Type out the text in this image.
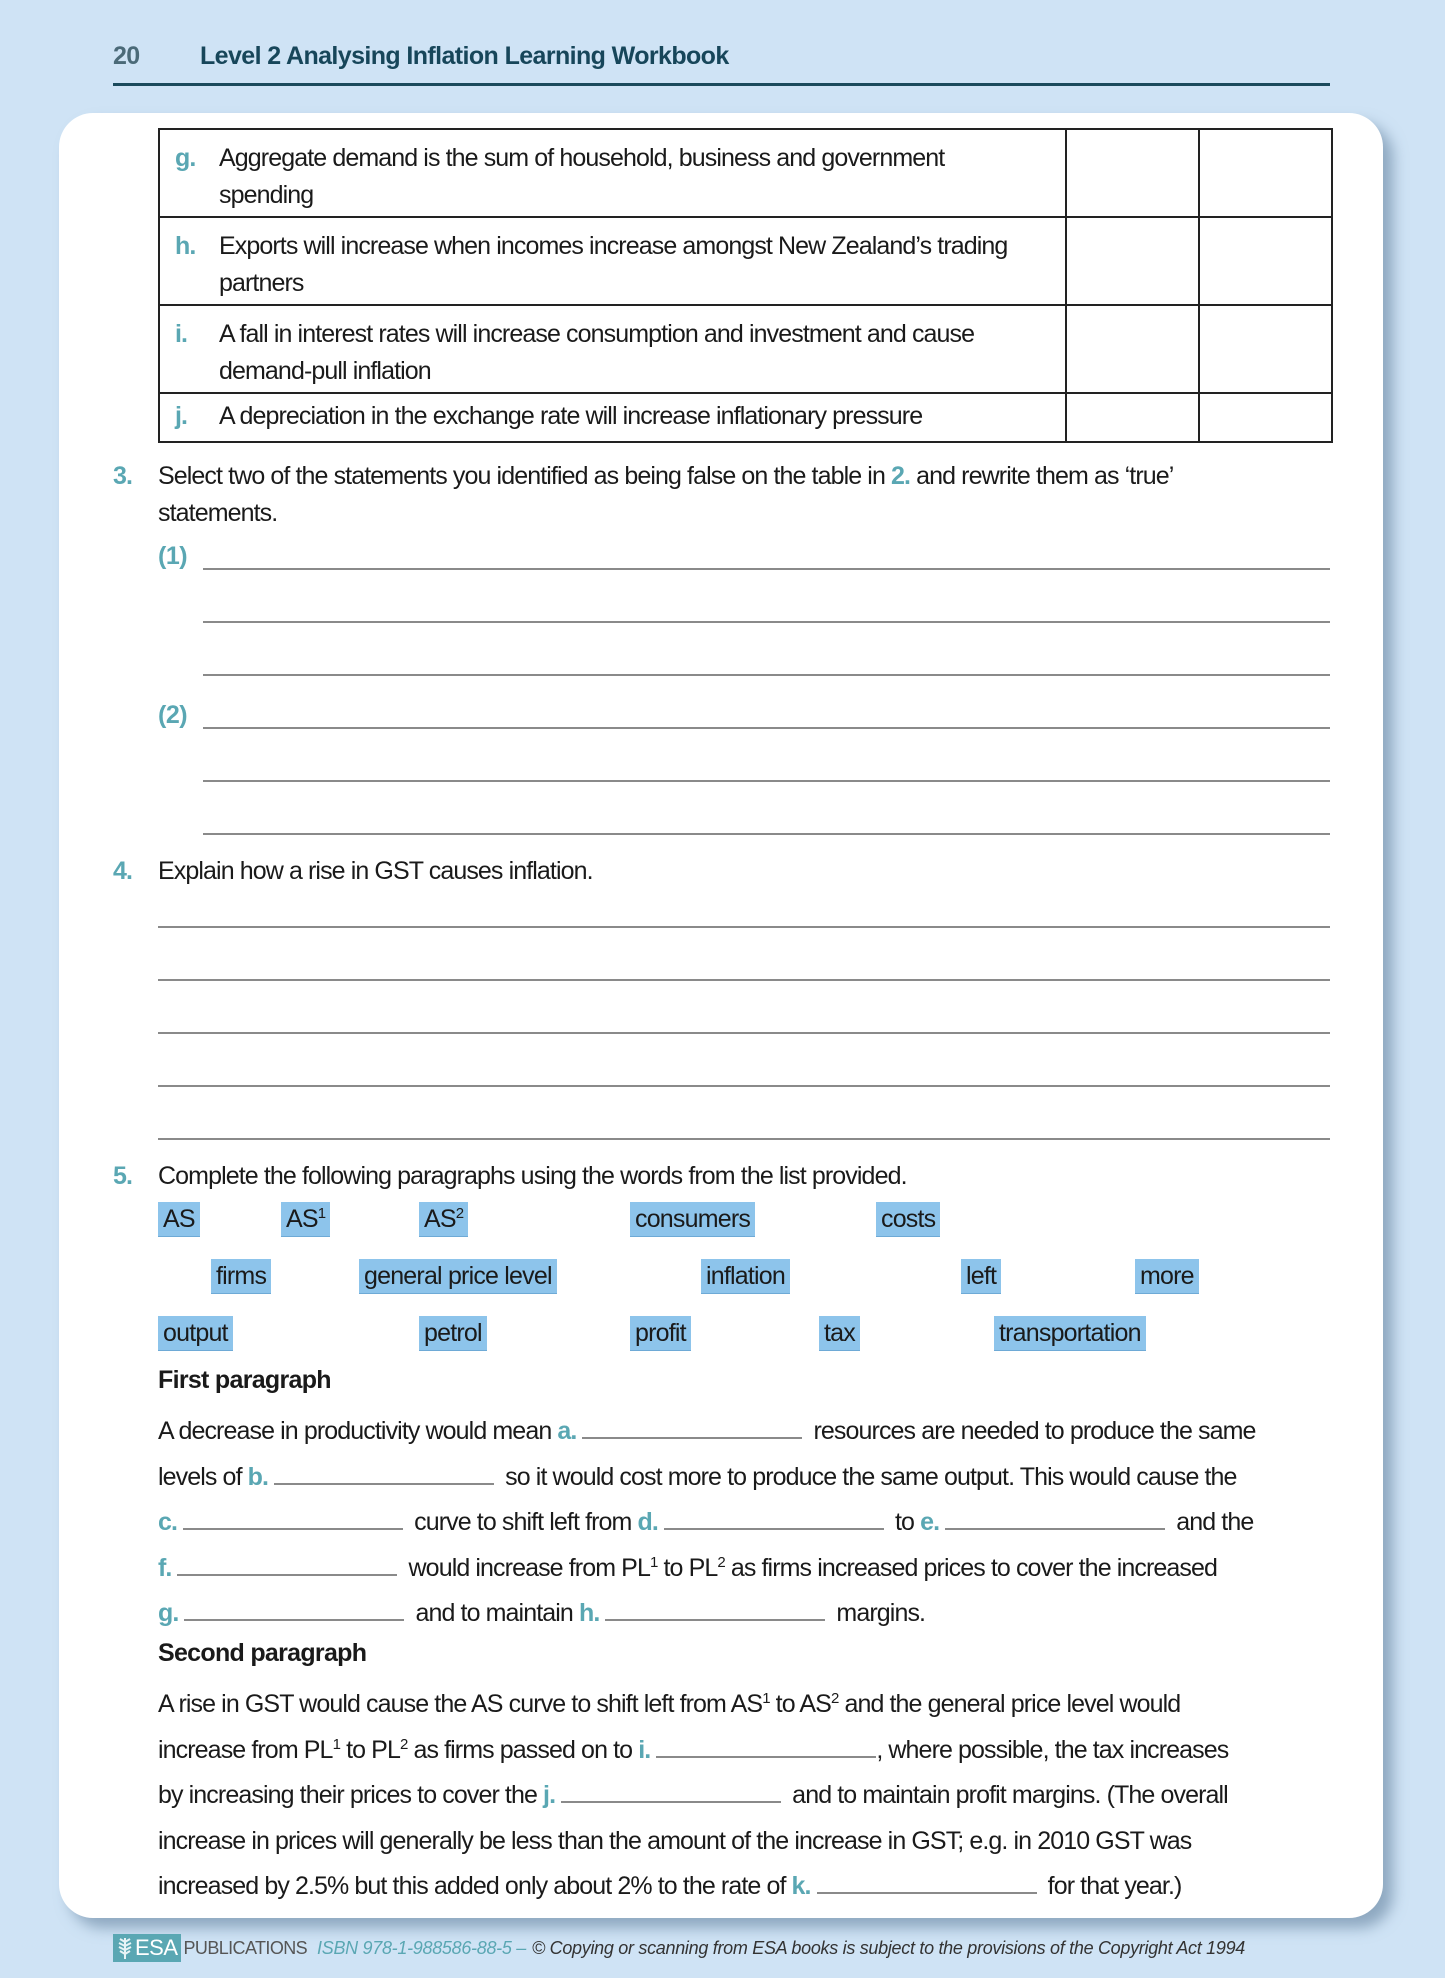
20	Level 2 Analysing Inflation Learning Workbook
g. Aggregate demand is the sum of household, business and government
spending		

h. Exports will increase when incomes increase amongst New Zealand’s trading
partners		

i. A fall in interest rates will increase consumption and investment and cause
demand-pull inflation		

j. A depreciation in the exchange rate will increase inflationary pressure		

3.	Select two of the statements you identified as being false on the table in 2. and rewrite them as ‘true’
statements.
(1)
(2)
4.	Explain how a rise in GST causes inflation.
5.	Complete the following paragraphs using the words from the list provided.
AS	$AS^1$	$AS^2$	consumers	costs
firms	general price level	inflation	left	more
output	petrol	profit	tax	transportation
First paragraph
A decrease in productivity would mean a.	resources are needed to produce the same
levels of b.	so it would cost more to produce the same output. This would cause the
c.	curve to shift left from d.	to e.	and the
f.	would increase from $PL^1$ to $PL^2$ as firms increased prices to cover the increased
g.	and to maintain h.	margins.
Second paragraph
A rise in GST would cause the AS curve to shift left from $AS^1$ to $AS^2$ and the general price level would
increase from $PL^1$ to $PL^2$ as firms passed on to i.	, where possible, the tax increases
by increasing their prices to cover the j.	and to maintain profit margins. (The overall
increase in prices will generally be less than the amount of the increase in GST; e.g. in 2010 GST was
increased by 2.5% but this added only about 2% to the rate of k.	for that year.)
ESA PUBLICATIONS ISBN 978-1-988586-88-5 – © Copying or scanning from ESA books is subject to the provisions of the Copyright Act 1994
